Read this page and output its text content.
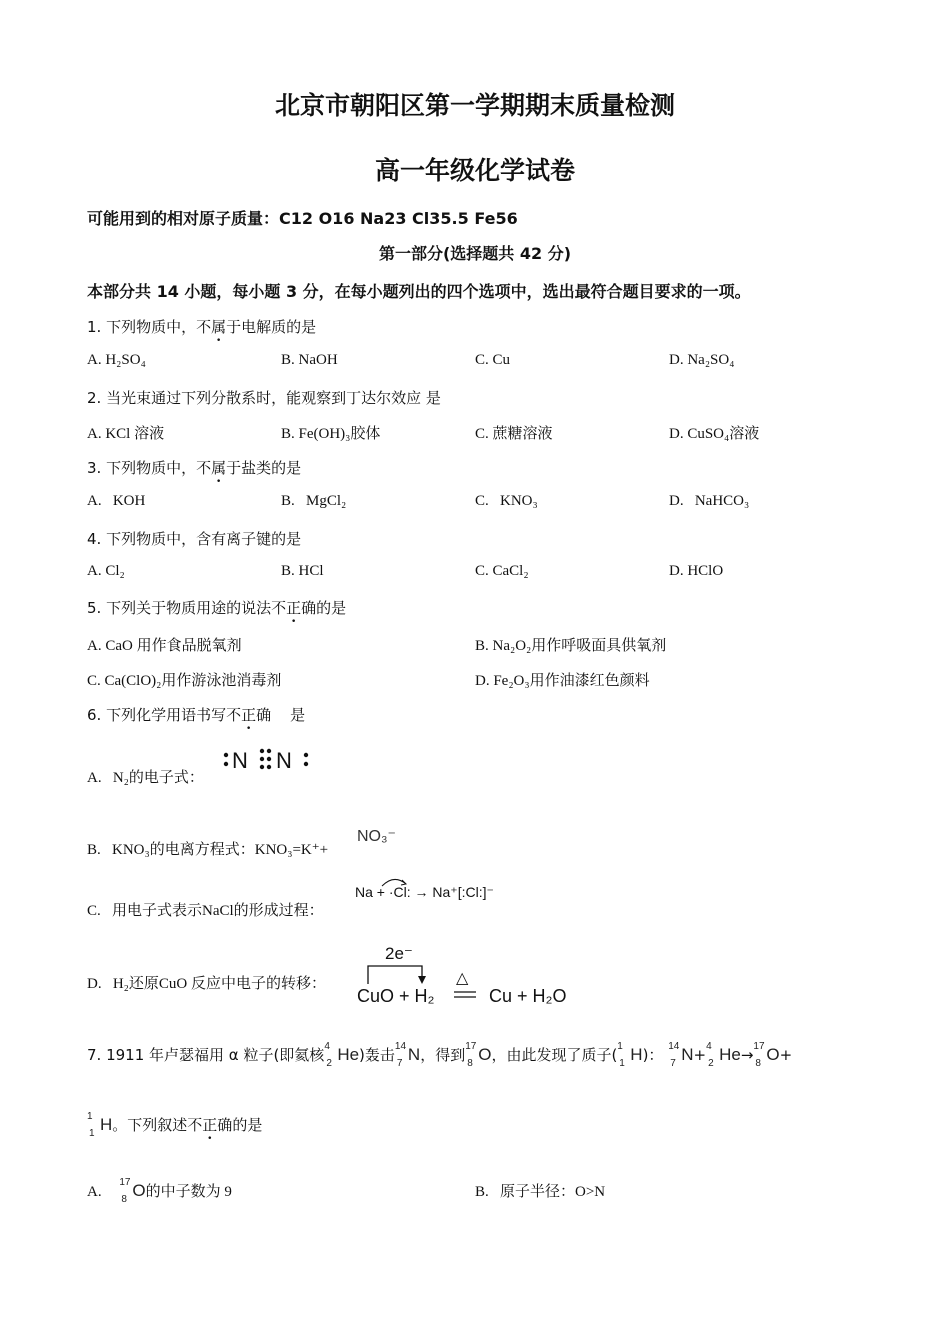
北京市朝阳区第一学期期末质量检测
高一年级化学试卷
可能用到的相对原子质量：C12 O16 Na23 Cl35.5 Fe56
第一部分(选择题共 42 分)
本部分共 14 小题，每小题 3 分，在每小题列出的四个选项中，选出最符合题目要求的一项。
1. 下列物质中，不属于电解质的是
A. H₂SO₄	B. NaOH	C. Cu	D. Na₂SO₄
2. 当光束通过下列分散系时，能观察到丁达尔效应 是
A. KCl 溶液	B. Fe(OH)₃胶体	C. 蔗糖溶液	D. CuSO₄溶液
3. 下列物质中，不属于盐类的是
A.   KOH	B.   MgCl₂	C.   KNO₃	D.   NaHCO₃
4. 下列物质中，含有离子键的是
A. Cl₂	B. HCl	C. CaCl₂	D. HClO
5. 下列关于物质用途的说法不正确的是
A. CaO 用作食品脱氧剂	B. Na₂O₂用作呼吸面具供氧剂
C. Ca(ClO)₂用作游泳池消毒剂	D. Fe₂O₃用作油漆红色颜料
6. 下列化学用语书写不正确    是
A.   N₂的电子式：
N N
B.   KNO₃的电离方程式：KNO₃=K⁺+
NO₃⁻
C.   用电子式表示NaCl的形成过程：
Na + ·Cl: → Na⁺[:Cl:]⁻
D.   H₂还原CuO 反应中电子的转移：
2e⁻
CuO + H₂
△
Cu + H₂O
7. 1911 年卢瑟福用 α 粒子(即氦核 4
2 He)轰击 14
7 N，得到 17
8 O，由此发现了质子( 1
1 H)： 14
7 N+ 4
2 He→ 17
8 O+
1
1 H。下列叙述不正确的是
A.
17
8 O的中子数为 9	B.   原子半径：O>N
